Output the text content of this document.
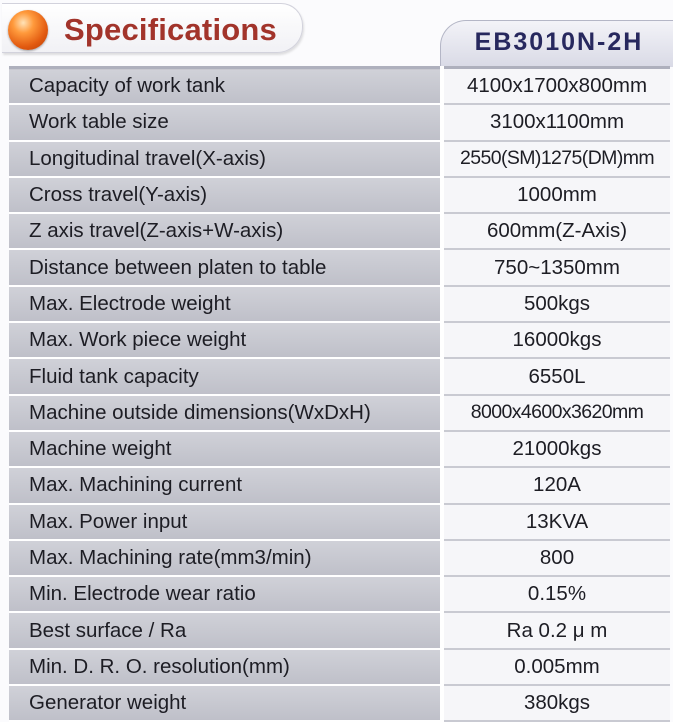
Specifications	EB3010N-2H
Capacity of work tank	4100x1700x800mm
Work table size	3100x1100mm
Longitudinal travel(X-axis)	2550(SM)1275(DM)mm
Cross travel(Y-axis)	1000mm
Z axis travel(Z-axis+W-axis)	600mm(Z-Axis)
Distance between platen to table	750~1350mm
Max. Electrode weight	500kgs
Max. Work piece weight	16000kgs
Fluid tank capacity	6550L
Machine outside dimensions(WxDxH)	8000x4600x3620mm
Machine weight	21000kgs
Max. Machining current	120A
Max. Power input	13KVA
Max. Machining rate(mm3/min)	800
Min. Electrode wear ratio	0.15%
Best surface / Ra	Ra 0.2 μ m
Min. D. R. O. resolution(mm)	0.005mm
Generator weight	380kgs
